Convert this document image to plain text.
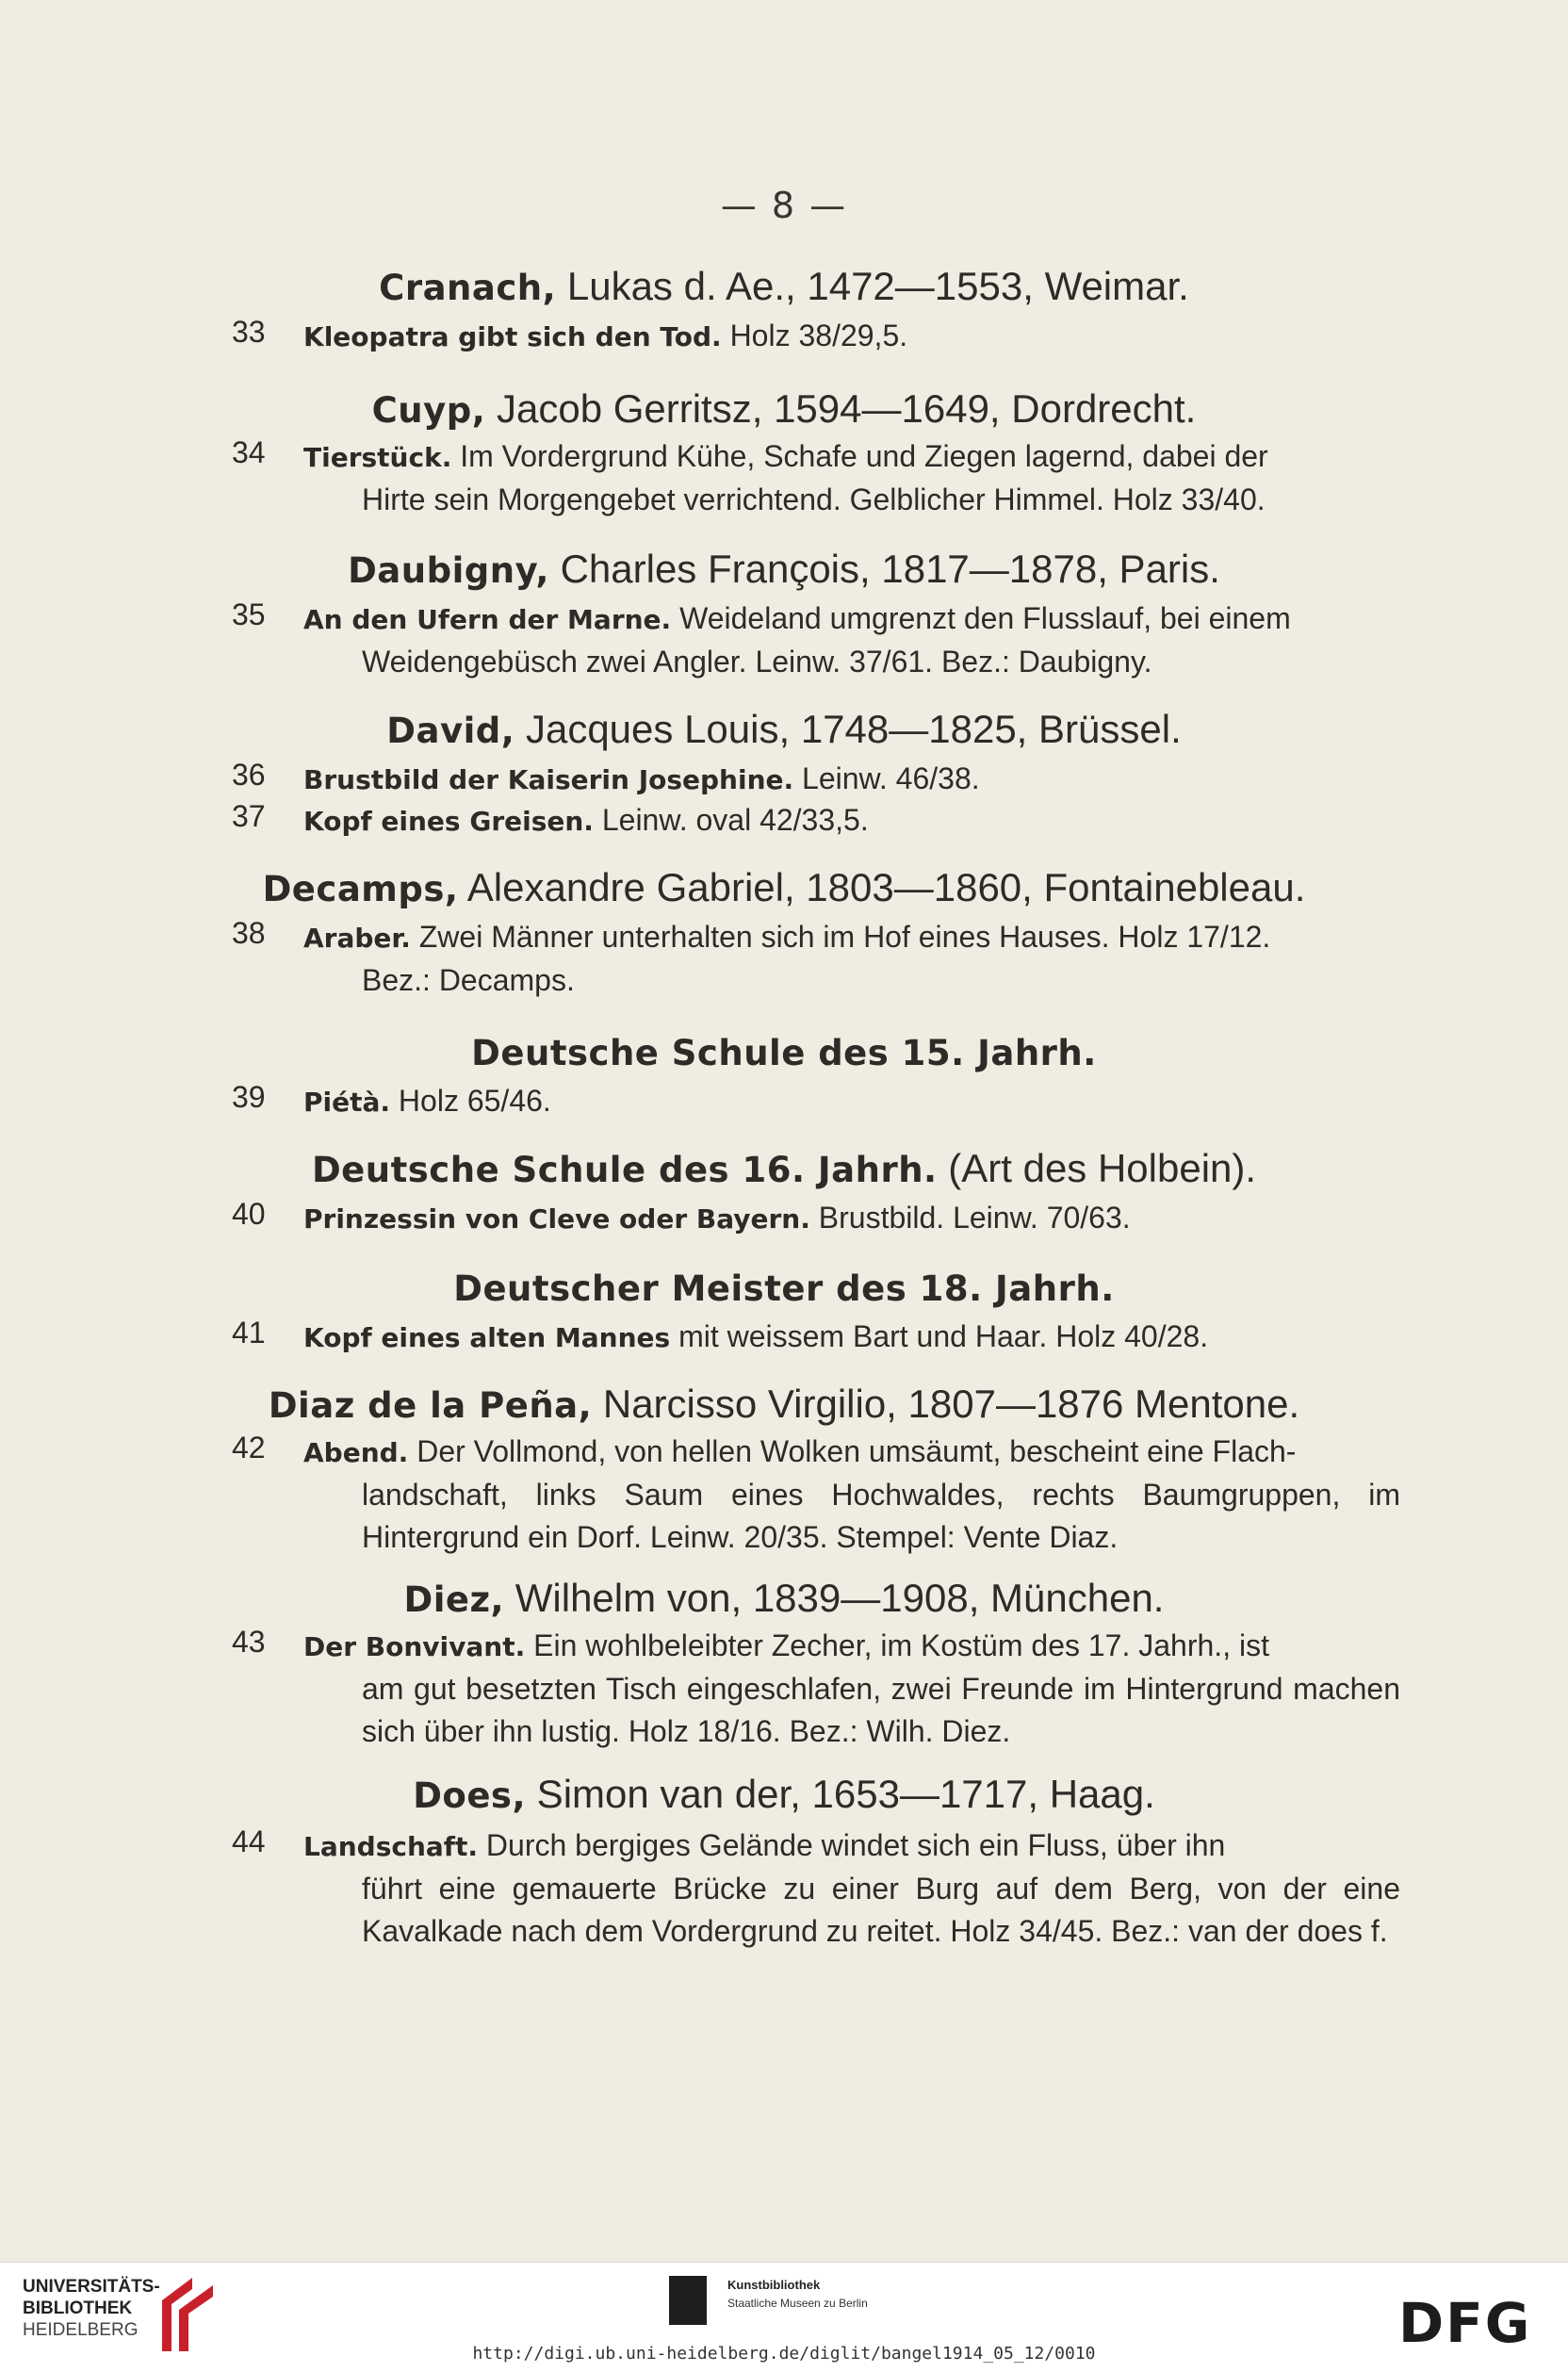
— 8 —
Cranach, Lukas d. Ae., 1472—1553, Weimar.
33 Kleopatra gibt sich den Tod. Holz 38/29,5.
Cuyp, Jacob Gerritsz, 1594—1649, Dordrecht.
34 Tierstück. Im Vordergrund Kühe, Schafe und Ziegen lagernd, dabei der
Hirte sein Morgengebet verrichtend. Gelblicher Himmel. Holz 33/40.
Daubigny, Charles François, 1817—1878, Paris.
35 An den Ufern der Marne. Weideland umgrenzt den Flusslauf, bei einem
Weidengebüsch zwei Angler. Leinw. 37/61. Bez.: Daubigny.
David, Jacques Louis, 1748—1825, Brüssel.
36 Brustbild der Kaiserin Josephine. Leinw. 46/38.
37 Kopf eines Greisen. Leinw. oval 42/33,5.
Decamps, Alexandre Gabriel, 1803—1860, Fontainebleau.
38 Araber. Zwei Männer unterhalten sich im Hof eines Hauses. Holz 17/12.
Bez.: Decamps.
Deutsche Schule des 15. Jahrh.
39 Piétà. Holz 65/46.
Deutsche Schule des 16. Jahrh. (Art des Holbein).
40 Prinzessin von Cleve oder Bayern. Brustbild. Leinw. 70/63.
Deutscher Meister des 18. Jahrh.
41 Kopf eines alten Mannes mit weissem Bart und Haar. Holz 40/28.
Diaz de la Peña, Narcisso Virgilio, 1807—1876 Mentone.
42 Abend. Der Vollmond, von hellen Wolken umsäumt, bescheint eine Flach-
landschaft, links Saum eines Hochwaldes, rechts Baumgruppen, im Hintergrund ein Dorf. Leinw. 20/35. Stempel: Vente Diaz.
Diez, Wilhelm von, 1839—1908, München.
43 Der Bonvivant. Ein wohlbeleibter Zecher, im Kostüm des 17. Jahrh., ist
am gut besetzten Tisch eingeschlafen, zwei Freunde im Hintergrund machen sich über ihn lustig. Holz 18/16. Bez.: Wilh. Diez.
Does, Simon van der, 1653—1717, Haag.
44 Landschaft. Durch bergiges Gelände windet sich ein Fluss, über ihn
führt eine gemauerte Brücke zu einer Burg auf dem Berg, von der eine Kavalkade nach dem Vordergrund zu reitet. Holz 34/45. Bez.: van der does f.
UNIVERSITÄTS-
BIBLIOTHEK
HEIDELBERG
Kunstbibliothek
Staatliche Museen zu Berlin	DFG
http://digi.ub.uni-heidelberg.de/diglit/bangel1914_05_12/0010
